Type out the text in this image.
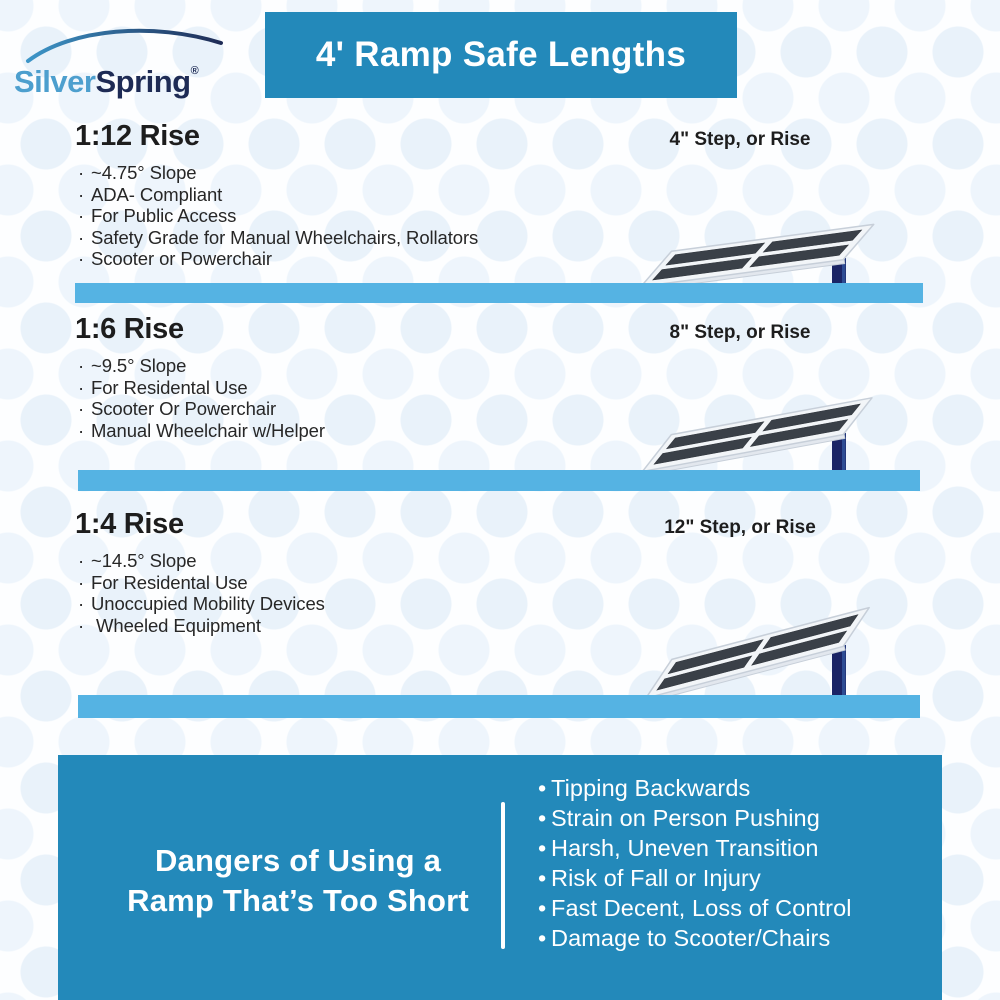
SilverSpring®	4' Ramp Safe Lengths
1:12 Rise	4" Step, or Rise
· ~4.75° Slope
· ADA- Compliant
· For Public Access
· Safety Grade for Manual Wheelchairs, Rollators
· Scooter or Powerchair
1:6 Rise	8" Step, or Rise
· ~9.5° Slope
· For Residental Use
· Scooter Or Powerchair
· Manual Wheelchair w/Helper
1:4 Rise	12" Step, or Rise
· ~14.5° Slope
· For Residental Use
· Unoccupied Mobility Devices
· Wheeled Equipment
Dangers of Using a
Ramp That’s Too Short
• Tipping Backwards
• Strain on Person Pushing
• Harsh, Uneven Transition
• Risk of Fall or Injury
• Fast Decent, Loss of Control
• Damage to Scooter/Chairs
